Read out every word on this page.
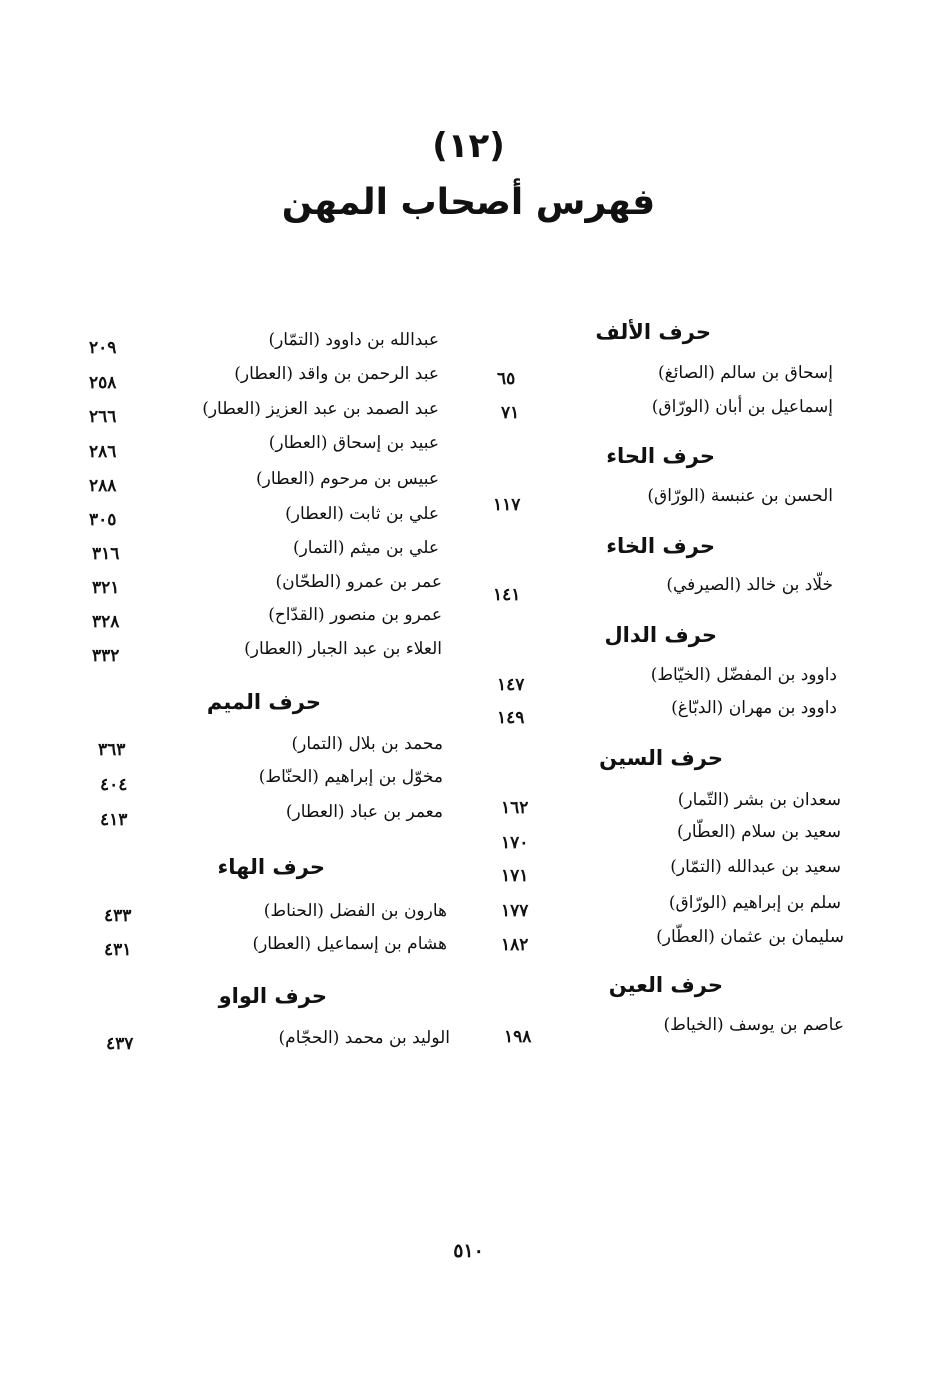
(١٢)
فهرس أصحاب المهن
حرف الألف
إسحاق بن سالم (الصائغ)
٦٥
إسماعيل بن أبان (الورّاق)
٧١
حرف الحاء
الحسن بن عنبسة (الورّاق)
١١٧
حرف الخاء
خلّاد بن خالد (الصيرفي)
١٤١
حرف الدال
داوود بن المفضّل (الخيّاط)
١٤٧
داوود بن مهران (الدبّاغ)
١٤٩
حرف السين
سعدان بن بشر (التّمار)
١٦٢
سعيد بن سلام (العطّار)
١٧٠
سعيد بن عبدالله (التمّار)
١٧١
سلم بن إبراهيم (الورّاق)
١٧٧
سليمان بن عثمان (العطّار)
١٨٢
حرف العين
عاصم بن يوسف (الخياط)
١٩٨
عبدالله بن داوود (التمّار)
٢٠٩
عبد الرحمن بن واقد (العطار)
٢٥٨
عبد الصمد بن عبد العزيز (العطار)
٢٦٦
عبيد بن إسحاق (العطار)
٢٨٦
عبيس بن مرحوم (العطار)
٢٨٨
علي بن ثابت (العطار)
٣٠٥
علي بن ميثم (التمار)
٣١٦
عمر بن عمرو (الطحّان)
٣٢١
عمرو بن منصور (القدّاح)
٣٢٨
العلاء بن عبد الجبار (العطار)
٣٣٢
حرف الميم
محمد بن بلال (التمار)
٣٦٣
مخوّل بن إبراهيم (الحنّاط)
٤٠٤
معمر بن عباد (العطار)
٤١٣
حرف الهاء
هارون بن الفضل (الحناط)
٤٣٣
هشام بن إسماعيل (العطار)
٤٣١
حرف الواو
الوليد بن محمد (الحجّام)
٤٣٧
٥١٠
